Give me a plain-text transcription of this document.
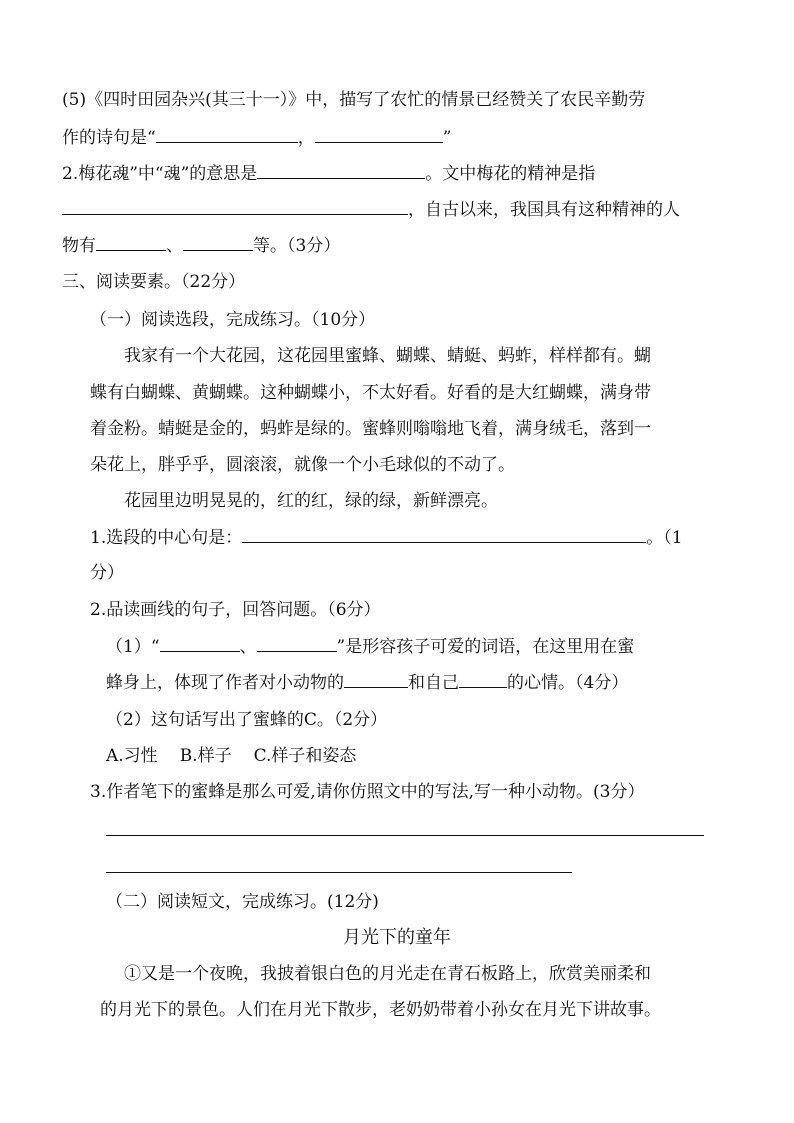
(5)《四时田园杂兴(其三十一）》中，描写了农忙的情景已经赞关了农民辛勤劳
作的诗句是“	，	”
2.梅花魂”中“魂”的意思是	。文中梅花的精神是指
，自古以来，我国具有这种精神的人
物有	、	等。（3分）
三、阅读要素。（22分）
（一）阅读选段，完成练习。（10分）
我家有一个大花园，这花园里蜜蜂、蝴蝶、蜻蜓、蚂蚱，样样都有。蝴
蝶有白蝴蝶、黄蝴蝶。这种蝴蝶小，不太好看。好看的是大红蝴蝶，满身带
着金粉。蜻蜓是金的，蚂蚱是绿的。蜜蜂则嗡嗡地飞着，满身绒毛，落到一
朵花上，胖乎乎，圆滚滚，就像一个小毛球似的不动了。
花园里边明晃晃的，红的红，绿的绿，新鲜漂亮。
1.选段的中心句是：	。（1
分）
2.品读画线的句子，回答问题。（6分）
（1）“	、	”是形容孩子可爱的词语，在这里用在蜜
蜂身上，体现了作者对小动物的	和自己	的心情。（4分）
（2）这句话写出了蜜蜂的C。（2分）
A.习性 B.样子 C.样子和姿态
3.作者笔下的蜜蜂是那么可爱,请你仿照文中的写法,写一种小动物。(3分）
（二）阅读短文，完成练习。(12分)
月光下的童年
①又是一个夜晚，我披着银白色的月光走在青石板路上，欣赏美丽柔和
的月光下的景色。人们在月光下散步，老奶奶带着小孙女在月光下讲故事。
